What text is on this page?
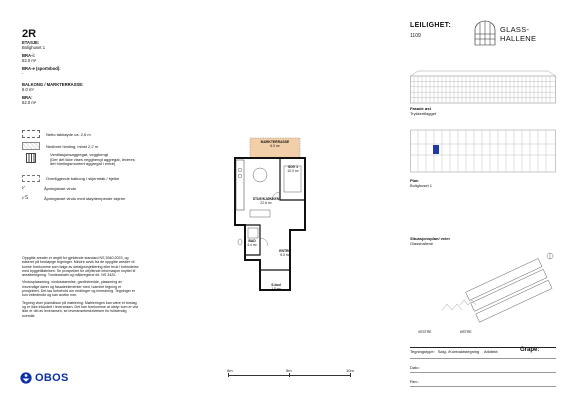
2R
ETASJE:
Bolighuset 1
BRA-i:
52.0 m²
BRA-e (sportsbod):
-
BALKONG / MARKTERRASSE:
6.0 m²
BRA:
52.0 m²
Netto takhøyde ca. 2,6 m
Nedforet himling, minst 2,2 m
Ventilasjonsaggregat, vegghengt
(Der det ikke vises vegghengt aggregat, leveres
det himlingsmontert aggregat i entré)
Overliggende balkong / skjermtak / bjelke
⩗	Åpningsbart vindu
⩗S	Åpningsbart vindu med støydempende skjerm
Oppgitte arealer er angitt for gjeldende standard NS 3940:2023, og baseret på foreløpige tegninger. Mindre avvik fra de oppgitte arealer vil kunne forekomme som følge av detaljprosjektering eller bruk i forbindelse med byggetillatelsen. Se prospektet for utfyllende informasjon knyttet til arealberegning. Tomtearealet og målereglene iht. NS 3420.
Vindusplassering, vindusstørrelse, gardinbredde, plassering av innvendige dører og fasadeelementer med i samme tegning er prosjektert. Det tas forbehold om endringer og innredning. Tegninger er kun veiledende og kan avvike noe.
Tegning viser planskisse på møblering. Møbleringen kan være et forslag og er ikke inkludert i leveransen. Det kan forekomme at utstyr som er vist ikke er del av leveransen, se leveransebeskrivelsen for fullstendig oversikt.
OBOS
MARKTERRASSE
6.0 m²
SOV 1
10.0 m²
STUE/KJØKKEN
22.6 m²
BAD
4.4 m²
ENTRÉ
5.0 m²
S.bod
1.5 m²
0m	5m	10m
LEILIGHET:
1109
GLASS-
HALLENE
Fasade øst
Trykkeriflagget
Plan
Bolighuset 1
Situasjonsplan/ veier
Glasshallene
VESTRE	ØSTRE
Tegningstype: Salg- /Kontraktstegning Arkitekt:	Grape:
Dato:
Rev.:
